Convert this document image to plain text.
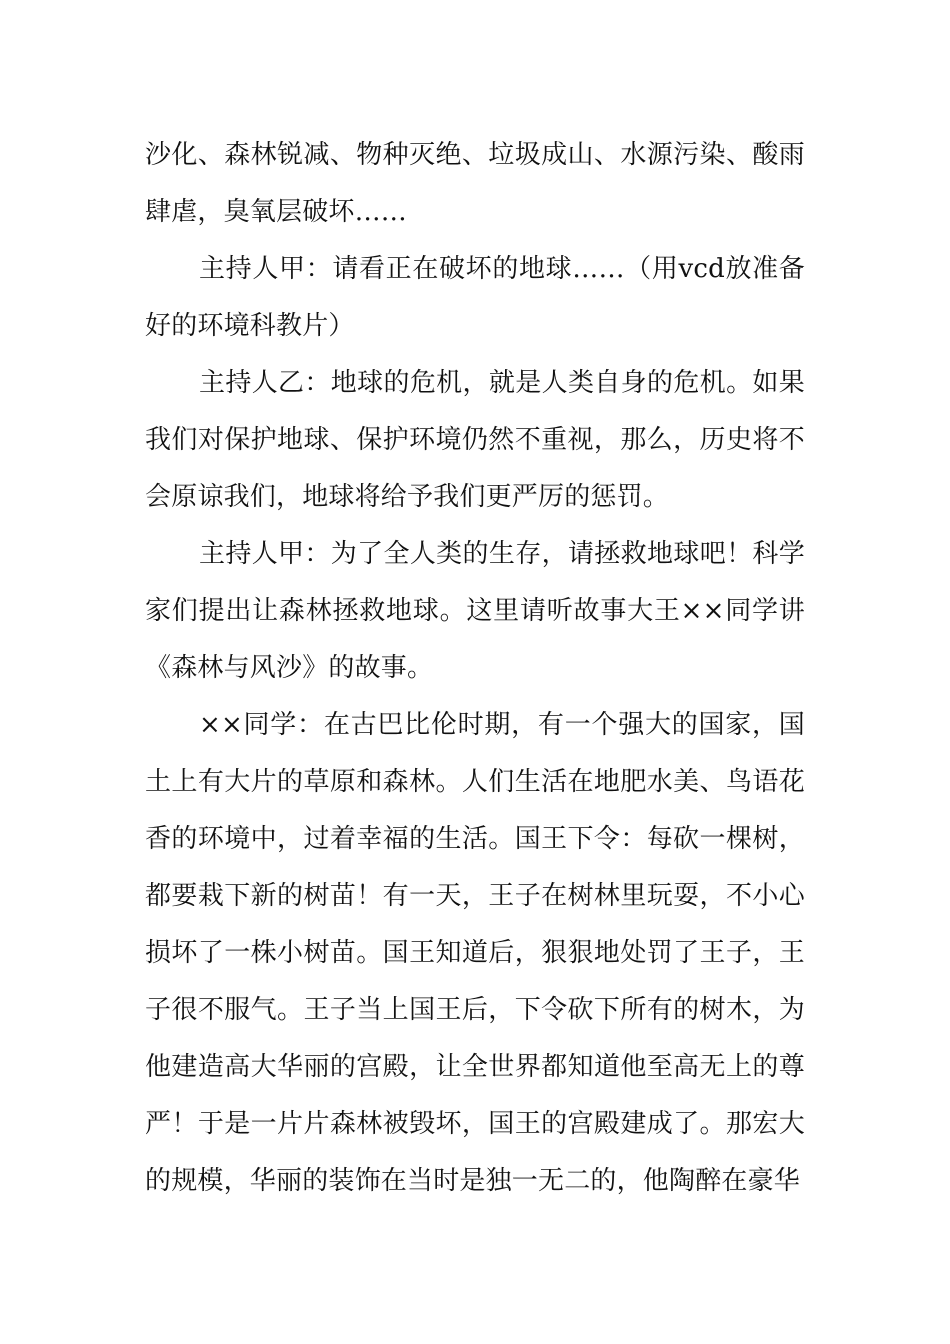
沙化、森林锐减、物种灭绝、垃圾成山、水源污染、酸雨肆虐，臭氧层破坏……

主持人甲：请看正在破坏的地球……（用vcd放准备好的环境科教片）

主持人乙：地球的危机，就是人类自身的危机。如果我们对保护地球、保护环境仍然不重视，那么，历史将不会原谅我们，地球将给予我们更严厉的惩罚。

主持人甲：为了全人类的生存，请拯救地球吧！科学家们提出让森林拯救地球。这里请听故事大王××同学讲《森林与风沙》的故事。

××同学：在古巴比伦时期，有一个强大的国家，国土上有大片的草原和森林。人们生活在地肥水美、鸟语花香的环境中，过着幸福的生活。国王下令：每砍一棵树，都要栽下新的树苗！有一天，王子在树林里玩耍，不小心损坏了一株小树苗。国王知道后，狠狠地处罚了王子，王子很不服气。王子当上国王后，下令砍下所有的树木，为他建造高大华丽的宫殿，让全世界都知道他至高无上的尊严！于是一片片森林被毁坏，国王的宫殿建成了。那宏大的规模，华丽的装饰在当时是独一无二的，他陶醉在豪华
